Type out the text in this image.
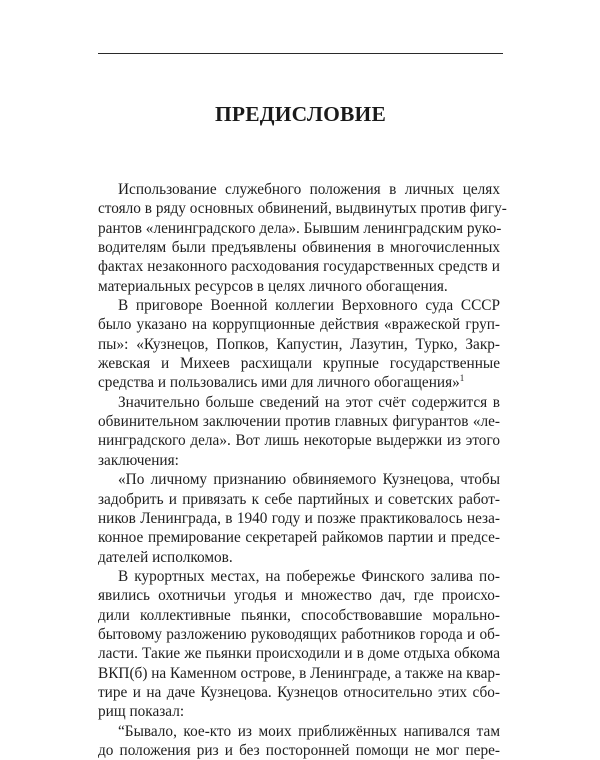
ПРЕДИСЛОВИЕ
Использование служебного положения в личных целях
стояло в ряду основных обвинений, выдвинутых против фигу-
рантов «ленинградского дела». Бывшим ленинградским руко-
водителям были предъявлены обвинения в многочисленных
фактах незаконного расходования государственных средств и
материальных ресурсов в целях личного обогащения.
В приговоре Военной коллегии Верховного суда СССР
было указано на коррупционные действия «вражеской груп-
пы»: «Кузнецов, Попков, Капустин, Лазутин, Турко, Закр-
жевская и Михеев расхищали крупные государственные
средства и пользовались ими для личного обогащения»$^1$
Значительно больше сведений на этот счёт содержится в
обвинительном заключении против главных фигурантов «ле-
нинградского дела». Вот лишь некоторые выдержки из этого
заключения:
«По личному признанию обвиняемого Кузнецова, чтобы
задобрить и привязать к себе партийных и советских работ-
ников Ленинграда, в 1940 году и позже практиковалось неза-
конное премирование секретарей райкомов партии и предсе-
дателей исполкомов.
В курортных местах, на побережье Финского залива по-
явились охотничьи угодья и множество дач, где происхо-
дили коллективные пьянки, способствовавшие морально-
бытовому разложению руководящих работников города и об-
ласти. Такие же пьянки происходили и в доме отдыха обкома
ВКП(б) на Каменном острове, в Ленинграде, а также на квар-
тире и на даче Кузнецова. Кузнецов относительно этих сбо-
рищ показал:
“Бывало, кое-кто из моих приближённых напивался там
до положения риз и без посторонней помощи не мог пере-
